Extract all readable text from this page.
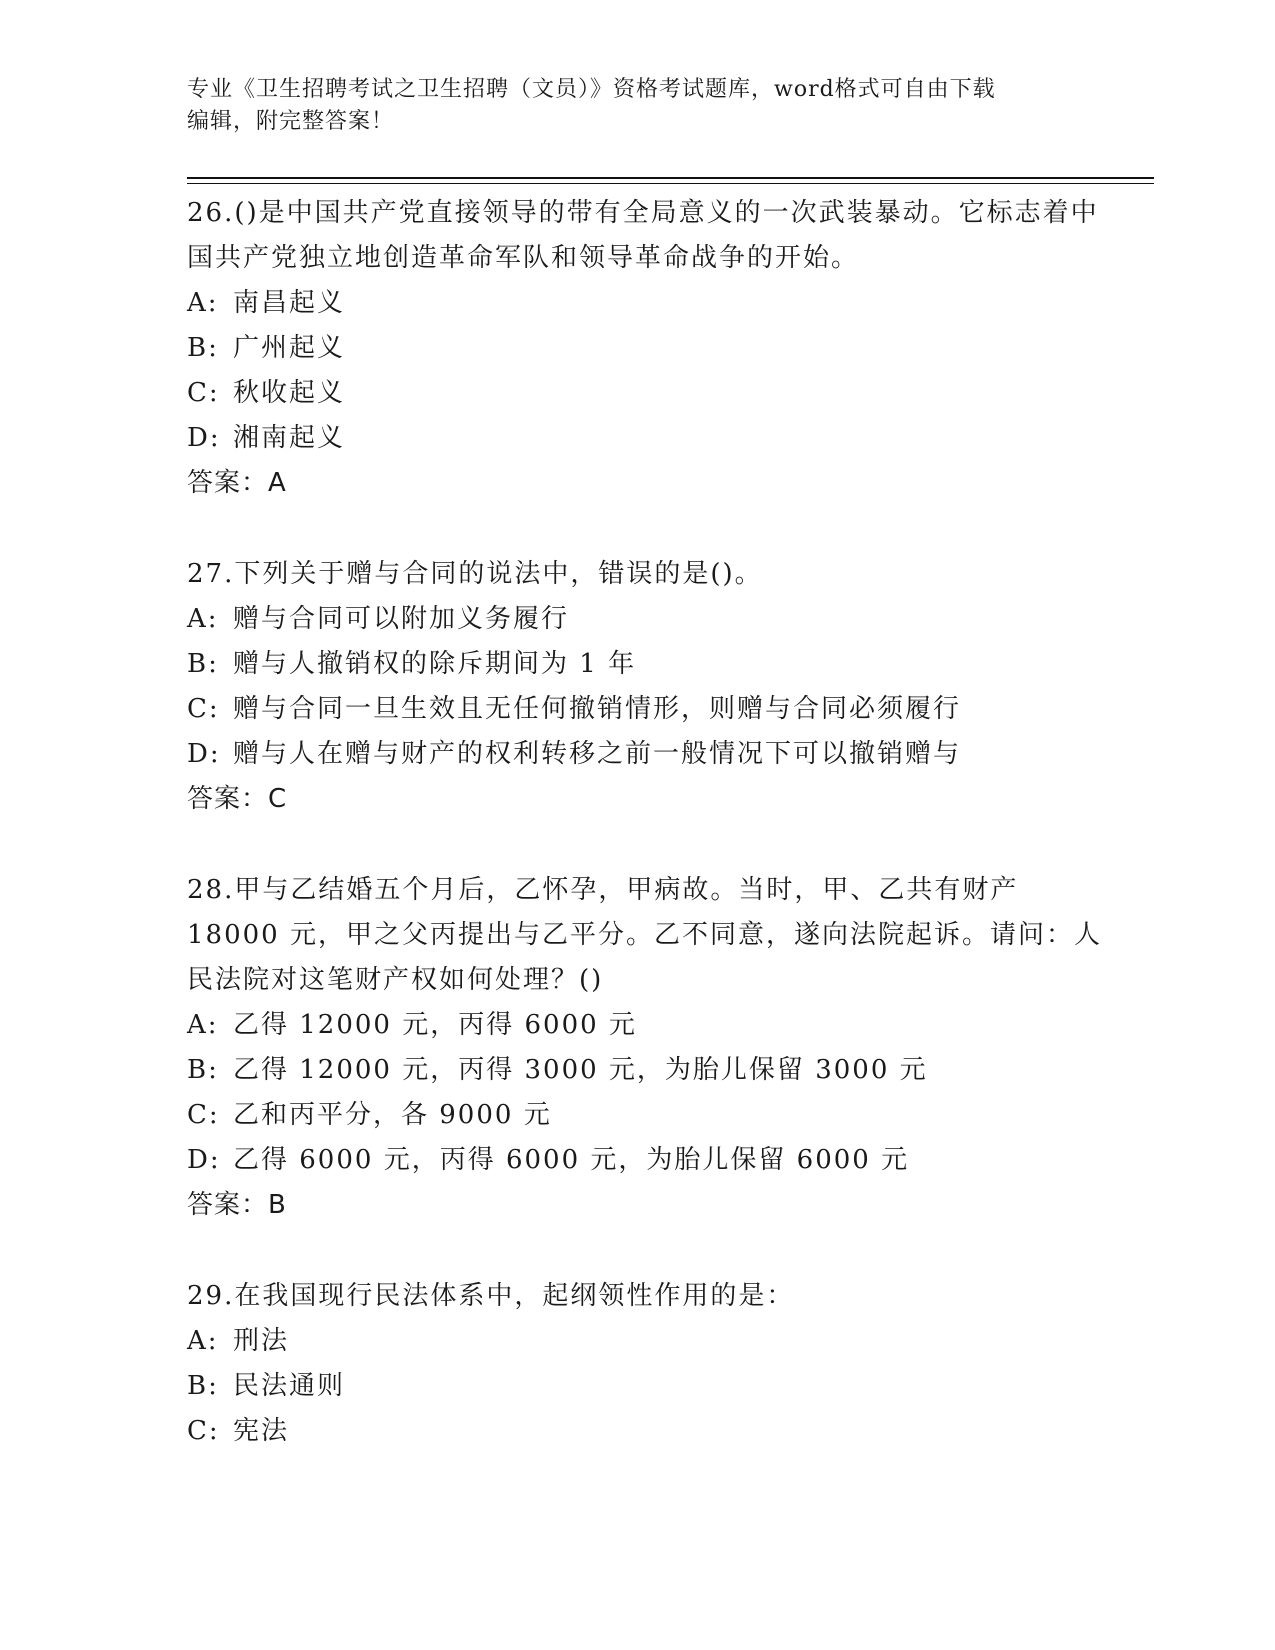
专业《卫生招聘考试之卫生招聘（文员）》资格考试题库，word格式可自由下载
编辑，附完整答案！
26.()是中国共产党直接领导的带有全局意义的一次武装暴动。它标志着中国共产党独立地创造革命军队和领导革命战争的开始。
A: 南昌起义
B: 广州起义
C: 秋收起义
D: 湘南起义
答案：A
27.下列关于赠与合同的说法中，错误的是()。
A: 赠与合同可以附加义务履行
B: 赠与人撤销权的除斥期间为 1 年
C: 赠与合同一旦生效且无任何撤销情形，则赠与合同必须履行
D: 赠与人在赠与财产的权利转移之前一般情况下可以撤销赠与
答案：C
28.甲与乙结婚五个月后，乙怀孕，甲病故。当时，甲、乙共有财产 18000 元，甲之父丙提出与乙平分。乙不同意，遂向法院起诉。请问：人民法院对这笔财产权如何处理？()
A: 乙得 12000 元，丙得 6000 元
B: 乙得 12000 元，丙得 3000 元，为胎儿保留 3000 元
C: 乙和丙平分，各 9000 元
D: 乙得 6000 元，丙得 6000 元，为胎儿保留 6000 元
答案：B
29.在我国现行民法体系中，起纲领性作用的是：
A: 刑法
B: 民法通则
C: 宪法
